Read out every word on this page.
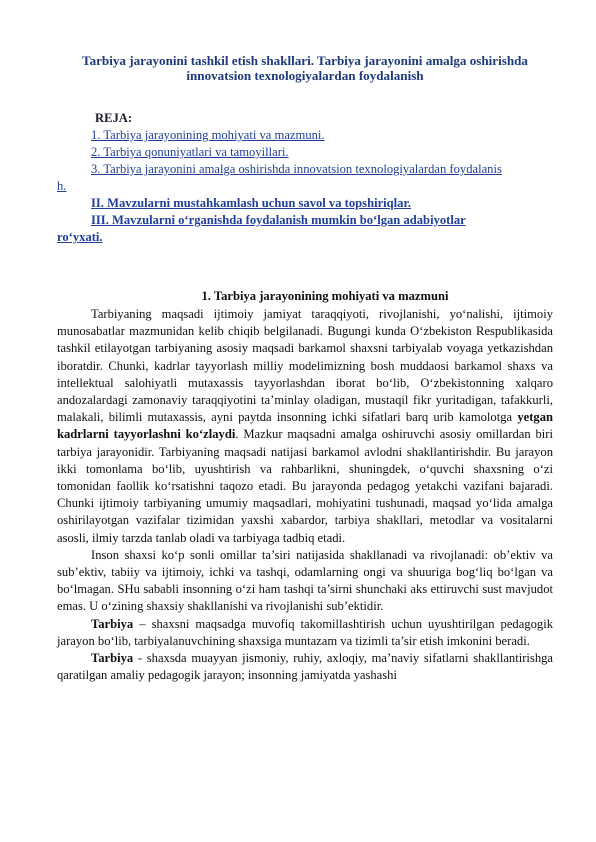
Tarbiya jarayonini tashkil etish shakllari. Tarbiya jarayonini amalga oshirishda innovatsion texnologiyalardan foydalanish
REJA:
1. Tarbiya jarayonining mohiyati va mazmuni.
2. Tarbiya qonuniyatlari va tamoyillari.
3. Tarbiya jarayonini amalga oshirishda innovatsion texnologiyalardan foydalanis
h.
II. Mavzularni mustahkamlash uchun savol va topshiriqlar.
III. Mavzularni o‘rganishda foydalanish mumkin bo‘lgan adabiyotlar
ro‘yxati.
1. Tarbiya jarayonining mohiyati va mazmuni

Tarbiyaning maqsadi ijtimoiy jamiyat taraqqiyoti, rivojlanishi, yo‘nalishi, ijtimoiy munosabatlar mazmunidan kelib chiqib belgilanadi. Bugungi kunda O‘zbekiston Respublikasida tashkil etilayotgan tarbiyaning asosiy maqsadi barkamol shaxsni tarbiyalab voyaga yetkazishdan iboratdir. Chunki, kadrlar tayyorlash milliy modelimizning bosh muddaosi barkamol shaxs va intellektual salohiyatli mutaxassis tayyorlashdan iborat bo‘lib, O‘zbekistonning xalqaro andozalardagi zamonaviy taraqqiyotini ta’minlay oladigan, mustaqil fikr yuritadigan, tafakkurli, malakali, bilimli mutaxassis, ayni paytda insonning ichki sifatlari barq urib kamolotga yetgan kadrlarni tayyorlashni ko‘zlaydi. Mazkur maqsadni amalga oshiruvchi asosiy omillardan biri tarbiya jarayonidir. Tarbiyaning maqsadi natijasi barkamol avlodni shakllantirishdir. Bu jarayon ikki tomonlama bo‘lib, uyushtirish va rahbarlikni, shuningdek, o‘quvchi shaxsning o‘zi tomonidan faollik ko‘rsatishni taqozo etadi. Bu jarayonda pedagog yetakchi vazifani bajaradi. Chunki ijtimoiy tarbiyaning umumiy maqsadlari, mohiyatini tushunadi, maqsad yo‘lida amalga oshirilayotgan vazifalar tizimidan yaxshi xabardor, tarbiya shakllari, metodlar va vositalarni asosli, ilmiy tarzda tanlab oladi va tarbiyaga tadbiq etadi.

Inson shaxsi ko‘p sonli omillar ta’siri natijasida shakllanadi va rivojlanadi: ob’ektiv va sub’ektiv, tabiiy va ijtimoiy, ichki va tashqi, odamlarning ongi va shuuriga bog‘liq bo‘lgan va bo‘lmagan. SHu sababli insonning o‘zi ham tashqi ta’sirni shunchaki aks ettiruvchi sust mavjudot emas. U o‘zining shaxsiy shakllanishi va rivojlanishi sub’ektidir.

Tarbiya – shaxsni maqsadga muvofiq takomillashtirish uchun uyushtirilgan pedagogik jarayon bo‘lib, tarbiyalanuvchining shaxsiga muntazam va tizimli ta’sir etish imkonini beradi.

Tarbiya - shaxsda muayyan jismoniy, ruhiy, axloqiy, ma’naviy sifatlarni shakllantirishga qaratilgan amaliy pedagogik jarayon; insonning jamiyatda yashashi
